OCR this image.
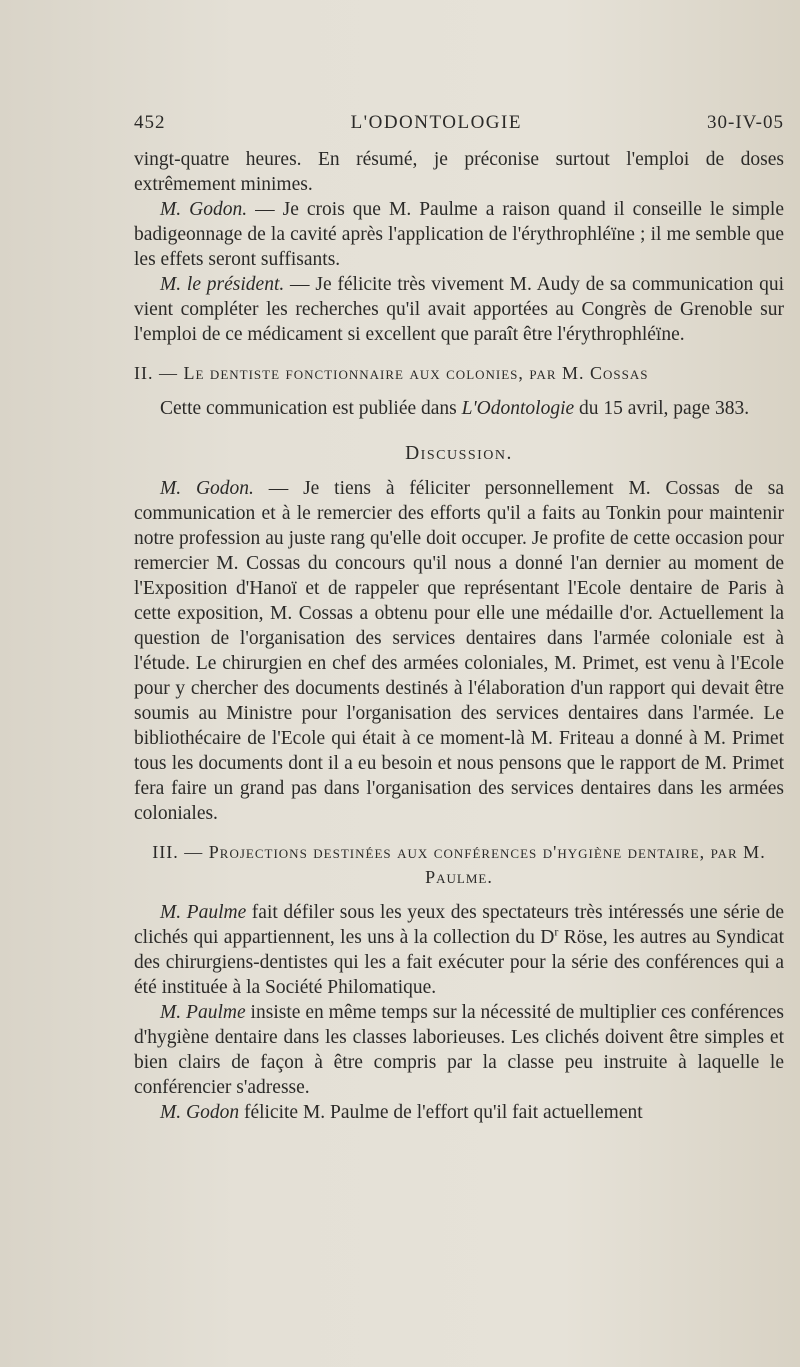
452	L'ODONTOLOGIE	30-IV-05

vingt-quatre heures. En résumé, je préconise surtout l'emploi de doses extrêmement minimes.

M. Godon. — Je crois que M. Paulme a raison quand il conseille le simple badigeonnage de la cavité après l'application de l'érythrophléïne ; il me semble que les effets seront suffisants.

M. le président. — Je félicite très vivement M. Audy de sa communication qui vient compléter les recherches qu'il avait apportées au Congrès de Grenoble sur l'emploi de ce médicament si excellent que paraît être l'érythrophléïne.

II. — Le dentiste fonctionnaire aux colonies, par M. Cossas

Cette communication est publiée dans L'Odontologie du 15 avril, page 383.

Discussion.

M. Godon. — Je tiens à féliciter personnellement M. Cossas de sa communication et à le remercier des efforts qu'il a faits au Tonkin pour maintenir notre profession au juste rang qu'elle doit occuper. Je profite de cette occasion pour remercier M. Cossas du concours qu'il nous a donné l'an dernier au moment de l'Exposition d'Hanoï et de rappeler que représentant l'Ecole dentaire de Paris à cette exposition, M. Cossas a obtenu pour elle une médaille d'or. Actuellement la question de l'organisation des services dentaires dans l'armée coloniale est à l'étude. Le chirurgien en chef des armées coloniales, M. Primet, est venu à l'Ecole pour y chercher des documents destinés à l'élaboration d'un rapport qui devait être soumis au Ministre pour l'organisation des services dentaires dans l'armée. Le bibliothécaire de l'Ecole qui était à ce moment-là M. Friteau a donné à M. Primet tous les documents dont il a eu besoin et nous pensons que le rapport de M. Primet fera faire un grand pas dans l'organisation des services dentaires dans les armées coloniales.

III. — Projections destinées aux conférences d'hygiène dentaire, par M. Paulme.

M. Paulme fait défiler sous les yeux des spectateurs très intéressés une série de clichés qui appartiennent, les uns à la collection du $D^r$ Röse, les autres au Syndicat des chirurgiens-dentistes qui les a fait exécuter pour la série des conférences qui a été instituée à la Société Philomatique.

M. Paulme insiste en même temps sur la nécessité de multiplier ces conférences d'hygiène dentaire dans les classes laborieuses. Les clichés doivent être simples et bien clairs de façon à être compris par la classe peu instruite à laquelle le conférencier s'adresse.

M. Godon félicite M. Paulme de l'effort qu'il fait actuellement
